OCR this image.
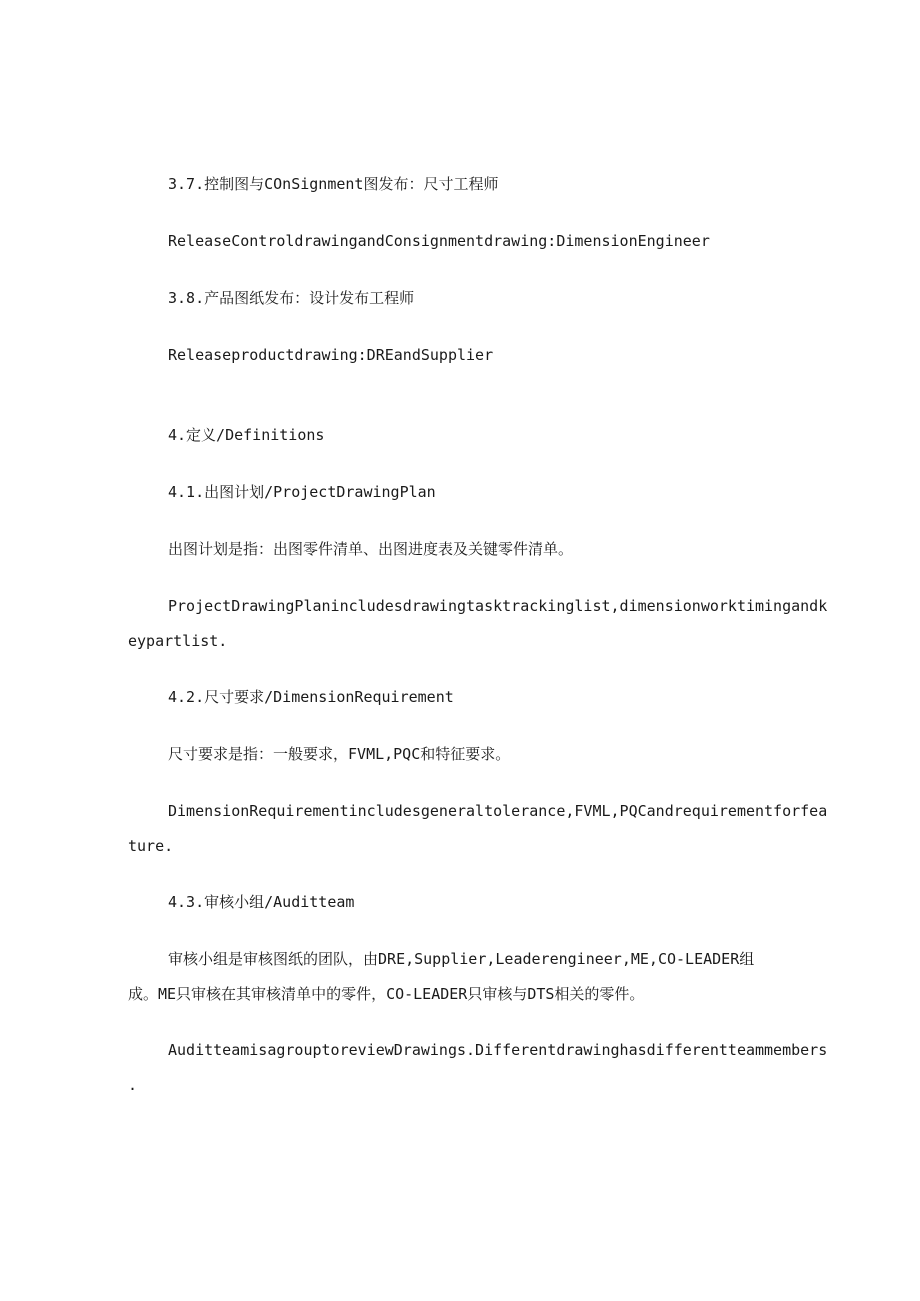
3.7.控制图与COnSignment图发布：尺寸工程师
ReleaseControldrawingandConsignmentdrawing:DimensionEngineer
3.8.产品图纸发布：设计发布工程师
Releaseproductdrawing:DREandSupplier
4.定义/Definitions
4.1.出图计划/ProjectDrawingPlan
出图计划是指：出图零件清单、出图进度表及关键零件清单。
ProjectDrawingPlanincludesdrawingtasktrackinglist,dimensionworktimingandk
eypartlist.
4.2.尺寸要求/DimensionRequirement
尺寸要求是指：一般要求，FVML,PQC和特征要求。
DimensionRequirementincludesgeneraltolerance,FVML,PQCandrequirementforfea
ture.
4.3.审核小组/Auditteam
审核小组是审核图纸的团队，由DRE,Supplier,Leaderengineer,ME,CO-LEADER组
成。ME只审核在其审核清单中的零件，CO-LEADER只审核与DTS相关的零件。
AuditteamisagrouptoreviewDrawings.Differentdrawinghasdifferentteammembers
.
